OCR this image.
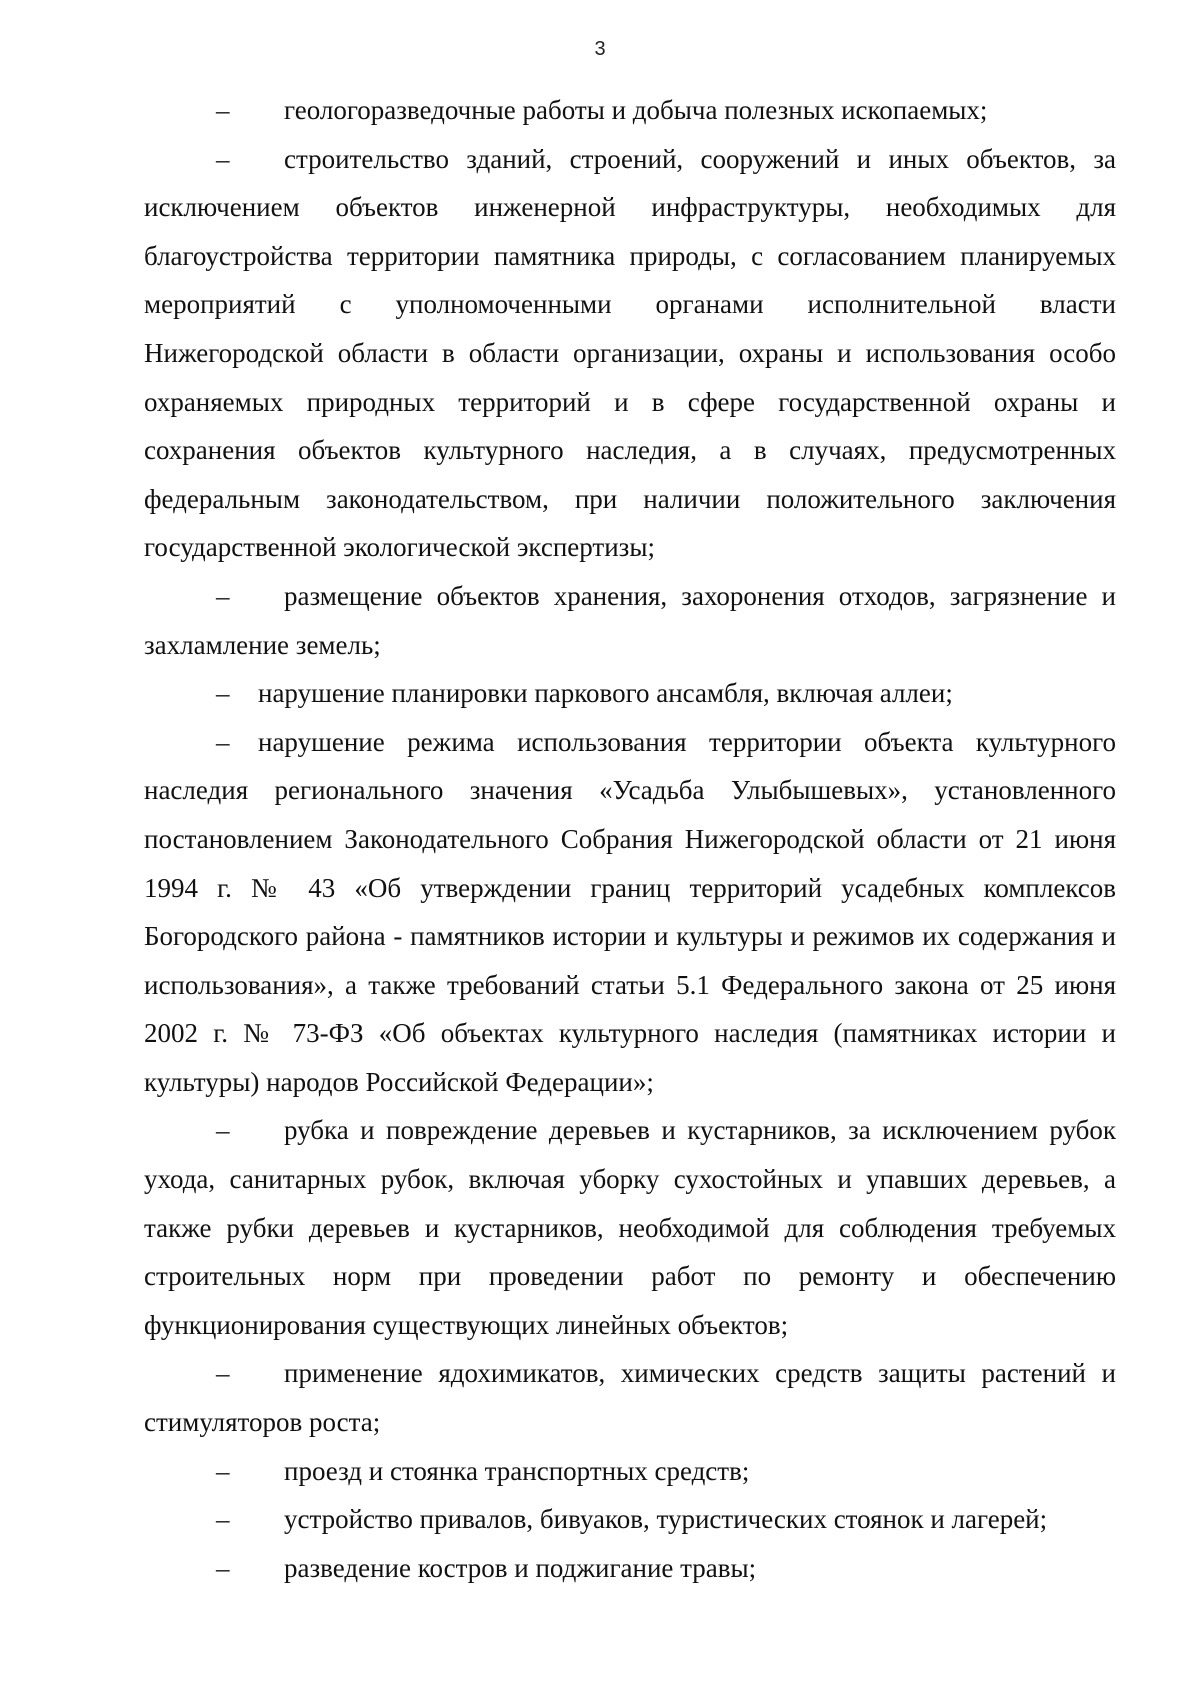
3

– геологоразведочные работы и добыча полезных ископаемых;

– строительство зданий, строений, сооружений и иных объектов, за исключением объектов инженерной инфраструктуры, необходимых для благоустройства территории памятника природы, с согласованием планируемых мероприятий с уполномоченными органами исполнительной власти Нижегородской области в области организации, охраны и использования особо охраняемых природных территорий и в сфере государственной охраны и сохранения объектов культурного наследия, а в случаях, предусмотренных федеральным законодательством, при наличии положительного заключения государственной экологической экспертизы;

– размещение объектов хранения, захоронения отходов, загрязнение и захламление земель;

– нарушение планировки паркового ансамбля, включая аллеи;

– нарушение режима использования территории объекта культурного наследия регионального значения «Усадьба Улыбышевых», установленного постановлением Законодательного Собрания Нижегородской области от 21 июня 1994 г. № 43 «Об утверждении границ территорий усадебных комплексов Богородского района - памятников истории и культуры и режимов их содержания и использования», а также требований статьи 5.1 Федерального закона от 25 июня 2002 г. № 73-ФЗ «Об объектах культурного наследия (памятниках истории и культуры) народов Российской Федерации»;

– рубка и повреждение деревьев и кустарников, за исключением рубок ухода, санитарных рубок, включая уборку сухостойных и упавших деревьев, а также рубки деревьев и кустарников, необходимой для соблюдения требуемых строительных норм при проведении работ по ремонту и обеспечению функционирования существующих линейных объектов;

– применение ядохимикатов, химических средств защиты растений и стимуляторов роста;

– проезд и стоянка транспортных средств;

– устройство привалов, бивуаков, туристических стоянок и лагерей;

– разведение костров и поджигание травы;
